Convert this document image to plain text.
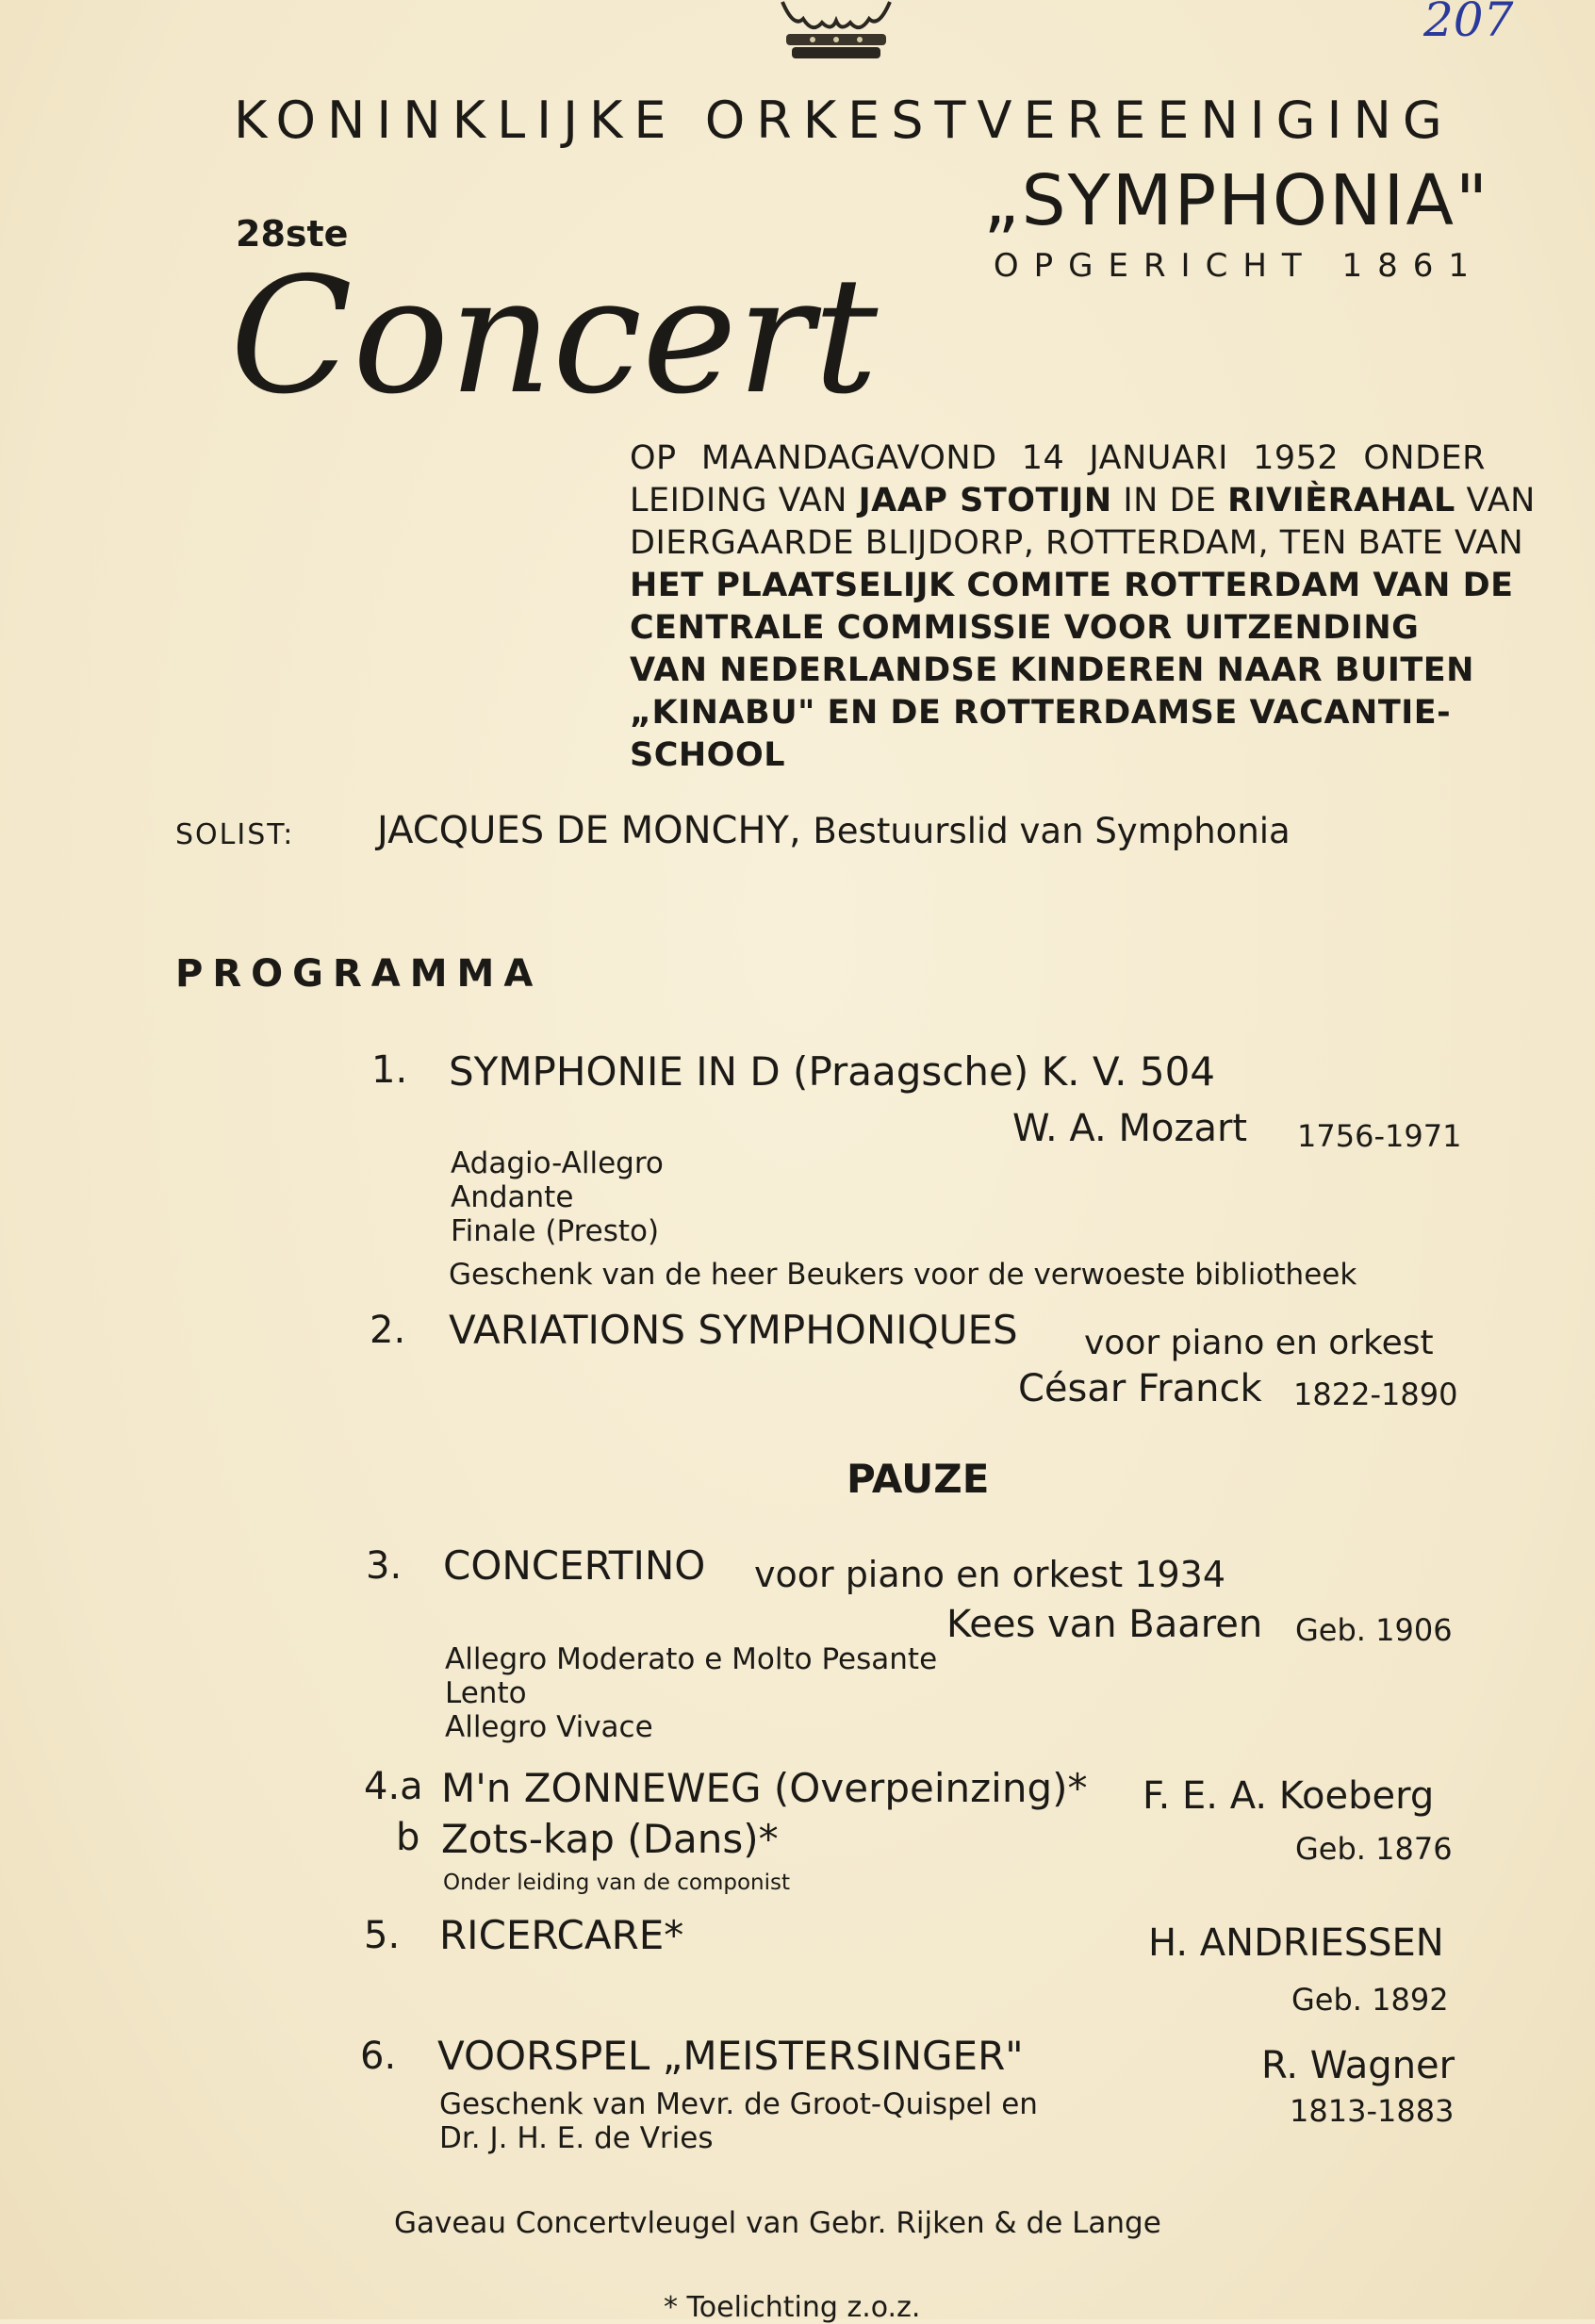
207
KONINKLIJKE ORKESTVEREENIGING
„SYMPHONIA"
OPGERICHT 1861
28ste
Concert
OP MAANDAGAVOND 14 JANUARI 1952 ONDER
LEIDING VAN JAAP STOTIJN IN DE RIVIÈRAHAL VAN
DIERGAARDE BLIJDORP, ROTTERDAM, TEN BATE VAN
HET PLAATSELIJK COMITE ROTTERDAM VAN DE
CENTRALE COMMISSIE VOOR UITZENDING
VAN NEDERLANDSE KINDEREN NAAR BUITEN
„KINABU" EN DE ROTTERDAMSE VACANTIE-
SCHOOL
SOLIST: JACQUES DE MONCHY, Bestuurslid van Symphonia
PROGRAMMA
1. SYMPHONIE IN D (Praagsche) K. V. 504
W. A. Mozart 1756-1971
Adagio-Allegro
Andante
Finale (Presto)
Geschenk van de heer Beukers voor de verwoeste bibliotheek
2. VARIATIONS SYMPHONIQUES voor piano en orkest
César Franck 1822-1890
PAUZE
3. CONCERTINO voor piano en orkest 1934
Kees van Baaren Geb. 1906
Allegro Moderato e Molto Pesante
Lento
Allegro Vivace
4.a M'n ZONNEWEG (Overpeinzing)* F. E. A. Koeberg
b Zots-kap (Dans)*	Geb. 1876
Onder leiding van de componist
5. RICERCARE*	H. ANDRIESSEN
Geb. 1892
6. VOORSPEL „MEISTERSINGER"	R. Wagner
1813-1883
Geschenk van Mevr. de Groot-Quispel en
Dr. J. H. E. de Vries
Gaveau Concertvleugel van Gebr. Rijken & de Lange
* Toelichting z.o.z.
